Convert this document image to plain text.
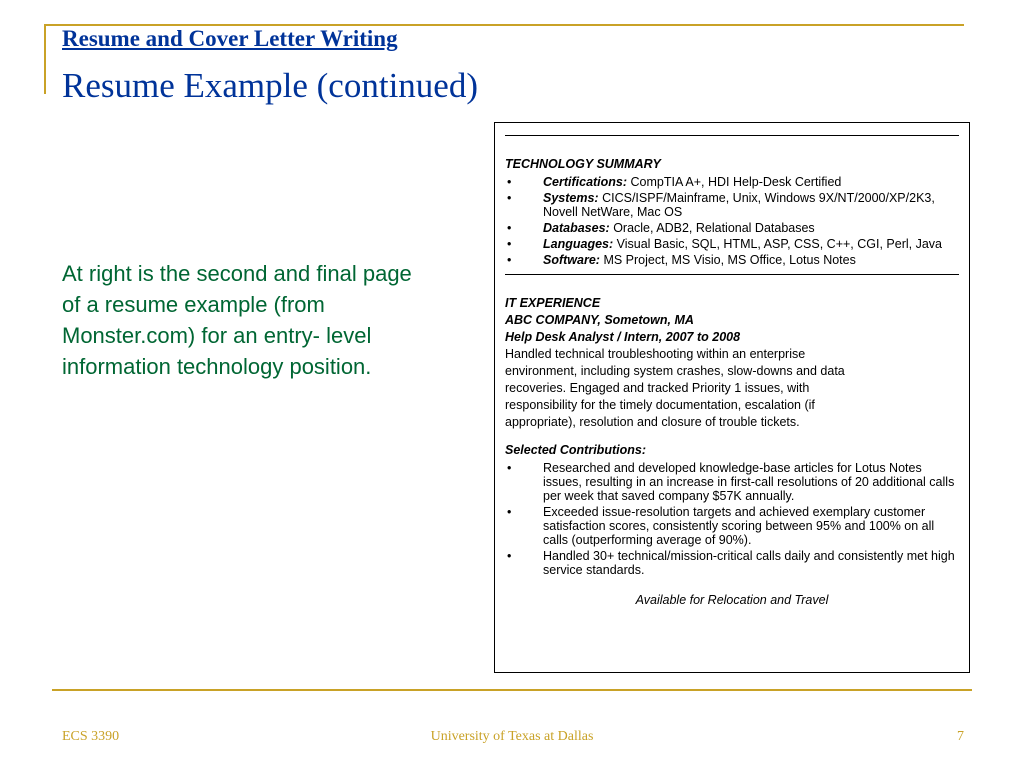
Resume and Cover Letter Writing
Resume Example (continued)

At right is the second and final page of a resume example (from Monster.com) for an entry- level information technology position.

TECHNOLOGY SUMMARY
•	Certifications: CompTIA A+, HDI Help-Desk Certified
•	Systems: CICS/ISPF/Mainframe, Unix, Windows 9X/NT/2000/XP/2K3, Novell NetWare, Mac OS
•	Databases: Oracle, ADB2, Relational Databases
•	Languages: Visual Basic, SQL, HTML, ASP, CSS, C++, CGI, Perl, Java
•	Software: MS Project, MS Visio, MS Office, Lotus Notes
IT EXPERIENCE
ABC COMPANY, Sometown, MA
Help Desk Analyst / Intern, 2007 to 2008
Handled technical troubleshooting within an enterprise
environment, including system crashes, slow-downs and data
recoveries. Engaged and tracked Priority 1 issues, with
responsibility for the timely documentation, escalation (if
appropriate), resolution and closure of trouble tickets.
Selected Contributions:
•	Researched and developed knowledge-base articles for Lotus Notes issues, resulting in an increase in first-call resolutions of 20 additional calls per week that saved company $57K annually.
•	Exceeded issue-resolution targets and achieved exemplary customer satisfaction scores, consistently scoring between 95% and 100% on all calls (outperforming average of 90%).
•	Handled 30+ technical/mission-critical calls daily and consistently met high service standards.
Available for Relocation and Travel

ECS 3390	University of Texas at Dallas	7
